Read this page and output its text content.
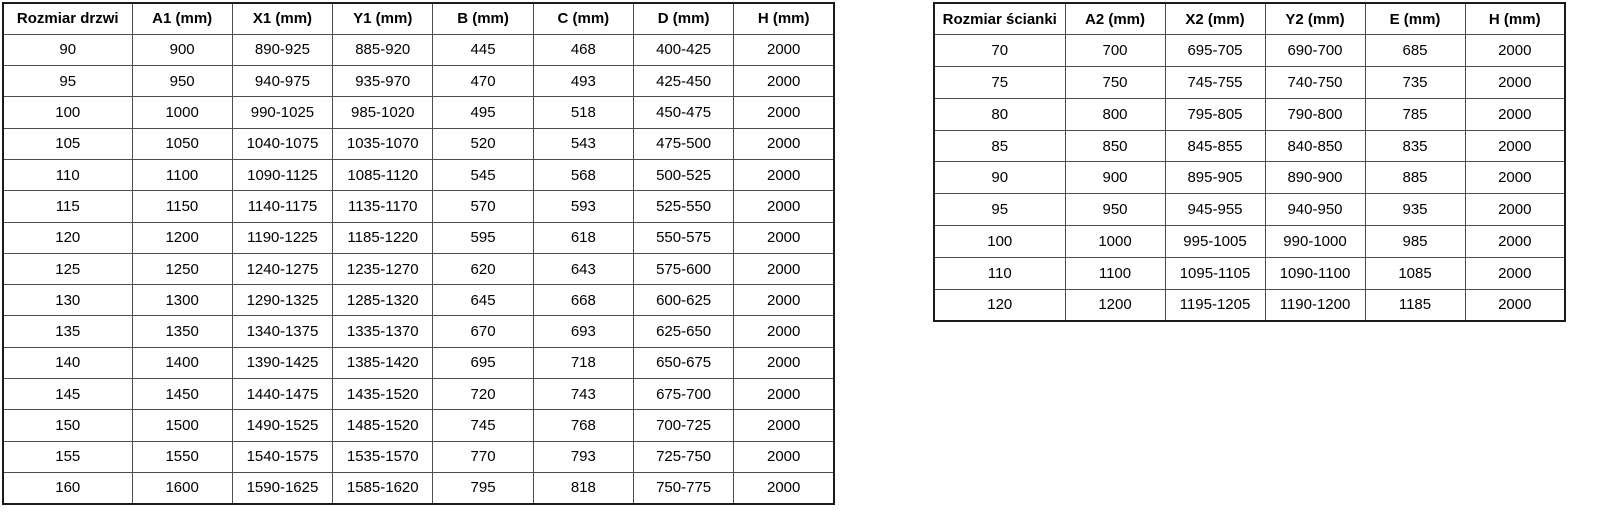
Rozmiar drzwi	A1 (mm)	X1 (mm)	Y1 (mm)	B (mm)	C (mm)	D (mm)	H (mm)
90	900	890-925	885-920	445	468	400-425	2000
95	950	940-975	935-970	470	493	425-450	2000
100	1000	990-1025	985-1020	495	518	450-475	2000
105	1050	1040-1075	1035-1070	520	543	475-500	2000
110	1100	1090-1125	1085-1120	545	568	500-525	2000
115	1150	1140-1175	1135-1170	570	593	525-550	2000
120	1200	1190-1225	1185-1220	595	618	550-575	2000
125	1250	1240-1275	1235-1270	620	643	575-600	2000
130	1300	1290-1325	1285-1320	645	668	600-625	2000
135	1350	1340-1375	1335-1370	670	693	625-650	2000
140	1400	1390-1425	1385-1420	695	718	650-675	2000
145	1450	1440-1475	1435-1520	720	743	675-700	2000
150	1500	1490-1525	1485-1520	745	768	700-725	2000
155	1550	1540-1575	1535-1570	770	793	725-750	2000
160	1600	1590-1625	1585-1620	795	818	750-775	2000
Rozmiar ścianki	A2 (mm)	X2 (mm)	Y2 (mm)	E (mm)	H (mm)
70	700	695-705	690-700	685	2000
75	750	745-755	740-750	735	2000
80	800	795-805	790-800	785	2000
85	850	845-855	840-850	835	2000
90	900	895-905	890-900	885	2000
95	950	945-955	940-950	935	2000
100	1000	995-1005	990-1000	985	2000
110	1100	1095-1105	1090-1100	1085	2000
120	1200	1195-1205	1190-1200	1185	2000
